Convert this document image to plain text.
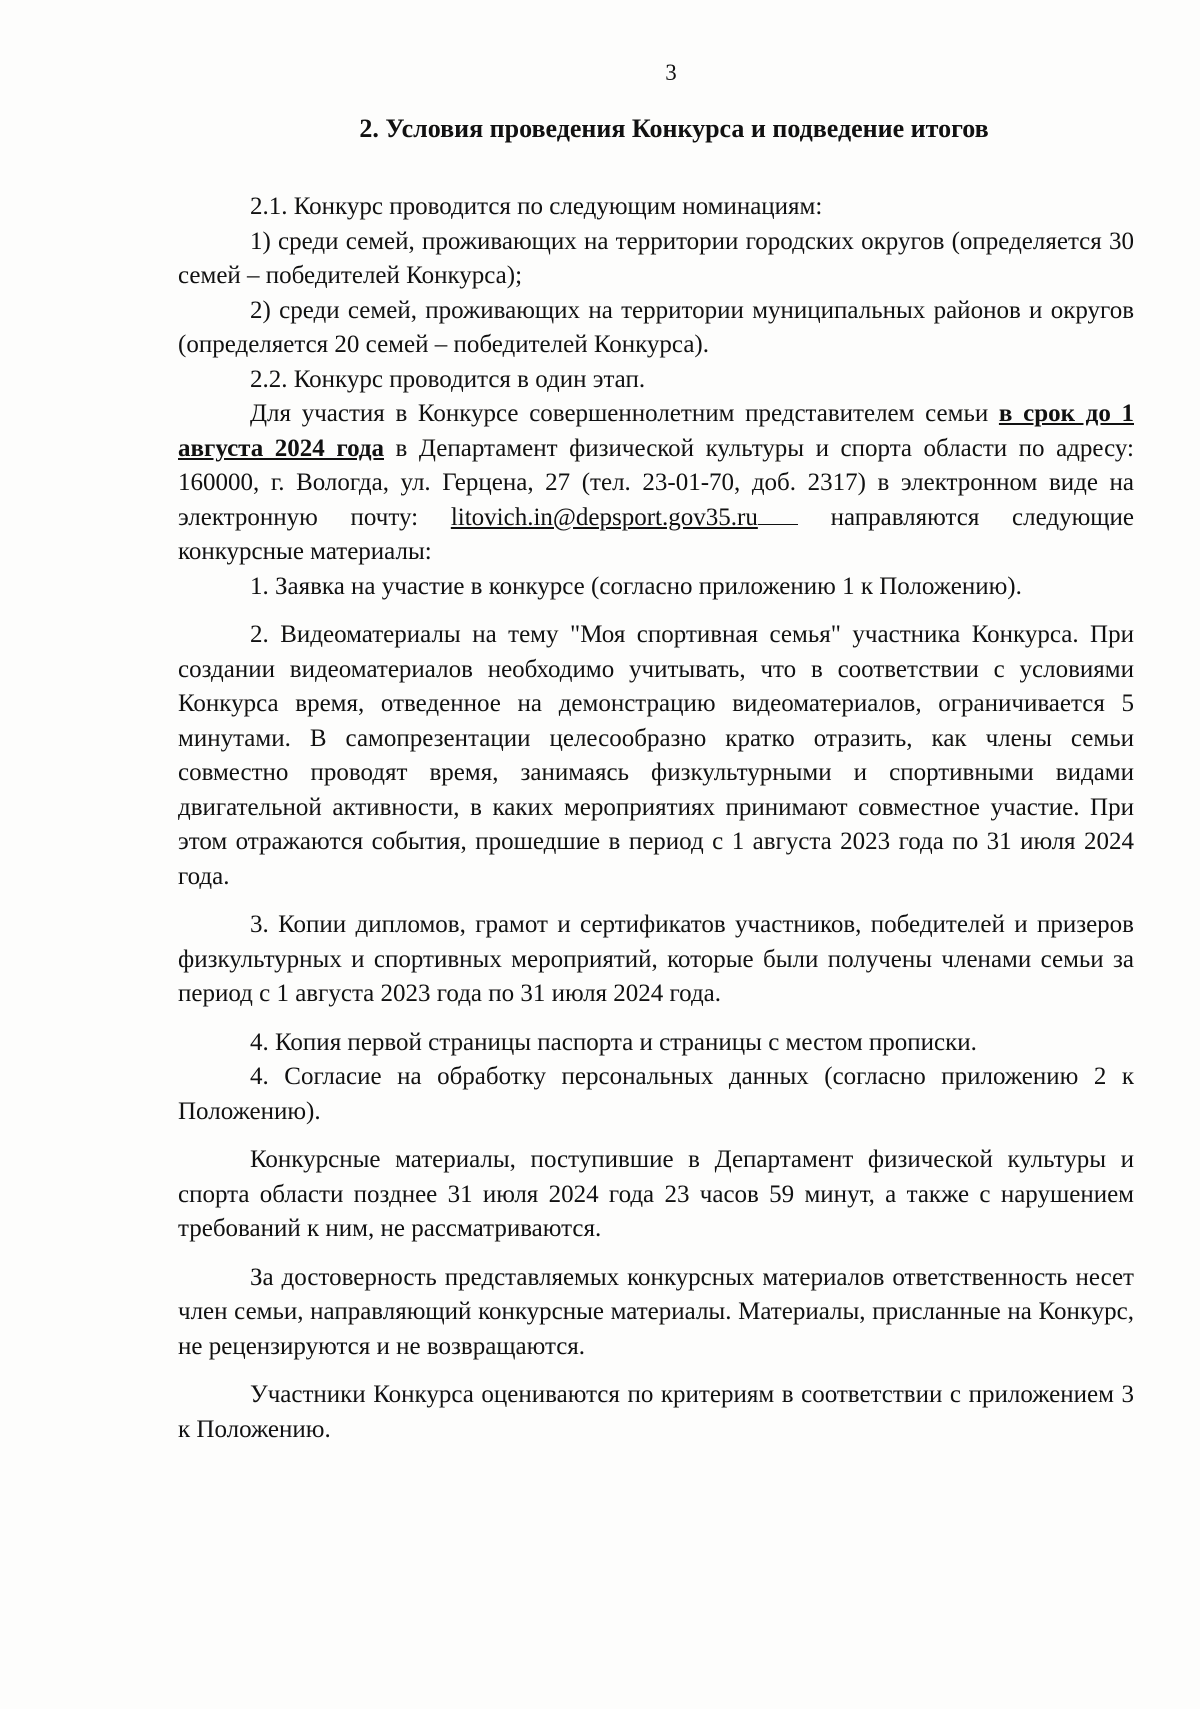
3
2. Условия проведения Конкурса и подведение итогов

2.1. Конкурс проводится по следующим номинациям:

1) среди семей, проживающих на территории городских округов (определяется 30 семей – победителей Конкурса);

2) среди семей, проживающих на территории муниципальных районов и округов (определяется 20 семей – победителей Конкурса).

2.2. Конкурс проводится в один этап.

Для участия в Конкурсе совершеннолетним представителем семьи в срок до 1 августа 2024 года в Департамент физической культуры и спорта области по адресу: 160000, г. Вологда, ул. Герцена, 27 (тел. 23-01-70, доб. 2317) в электронном виде на электронную почту: litovich.in@depsport.gov35.ru	направляются следующие конкурсные материалы:

1. Заявка на участие в конкурсе (согласно приложению 1 к Положению).

2. Видеоматериалы на тему "Моя спортивная семья" участника Конкурса. При создании видеоматериалов необходимо учитывать, что в соответствии с условиями Конкурса время, отведенное на демонстрацию видеоматериалов, ограничивается 5 минутами. В самопрезентации целесообразно кратко отразить, как члены семьи совместно проводят время, занимаясь физкультурными и спортивными видами двигательной активности, в каких мероприятиях принимают совместное участие. При этом отражаются события, прошедшие в период с 1 августа 2023 года по 31 июля 2024 года.

3. Копии дипломов, грамот и сертификатов участников, победителей и призеров физкультурных и спортивных мероприятий, которые были получены членами семьи за период с 1 августа 2023 года по 31 июля 2024 года.

4. Копия первой страницы паспорта и страницы с местом прописки.

4. Согласие на обработку персональных данных (согласно приложению 2 к Положению).

Конкурсные материалы, поступившие в Департамент физической культуры и спорта области позднее 31 июля 2024 года 23 часов 59 минут, а также с нарушением требований к ним, не рассматриваются.

За достоверность представляемых конкурсных материалов ответственность несет член семьи, направляющий конкурсные материалы. Материалы, присланные на Конкурс, не рецензируются и не возвращаются.

Участники Конкурса оцениваются по критериям в соответствии с приложением 3 к Положению.
